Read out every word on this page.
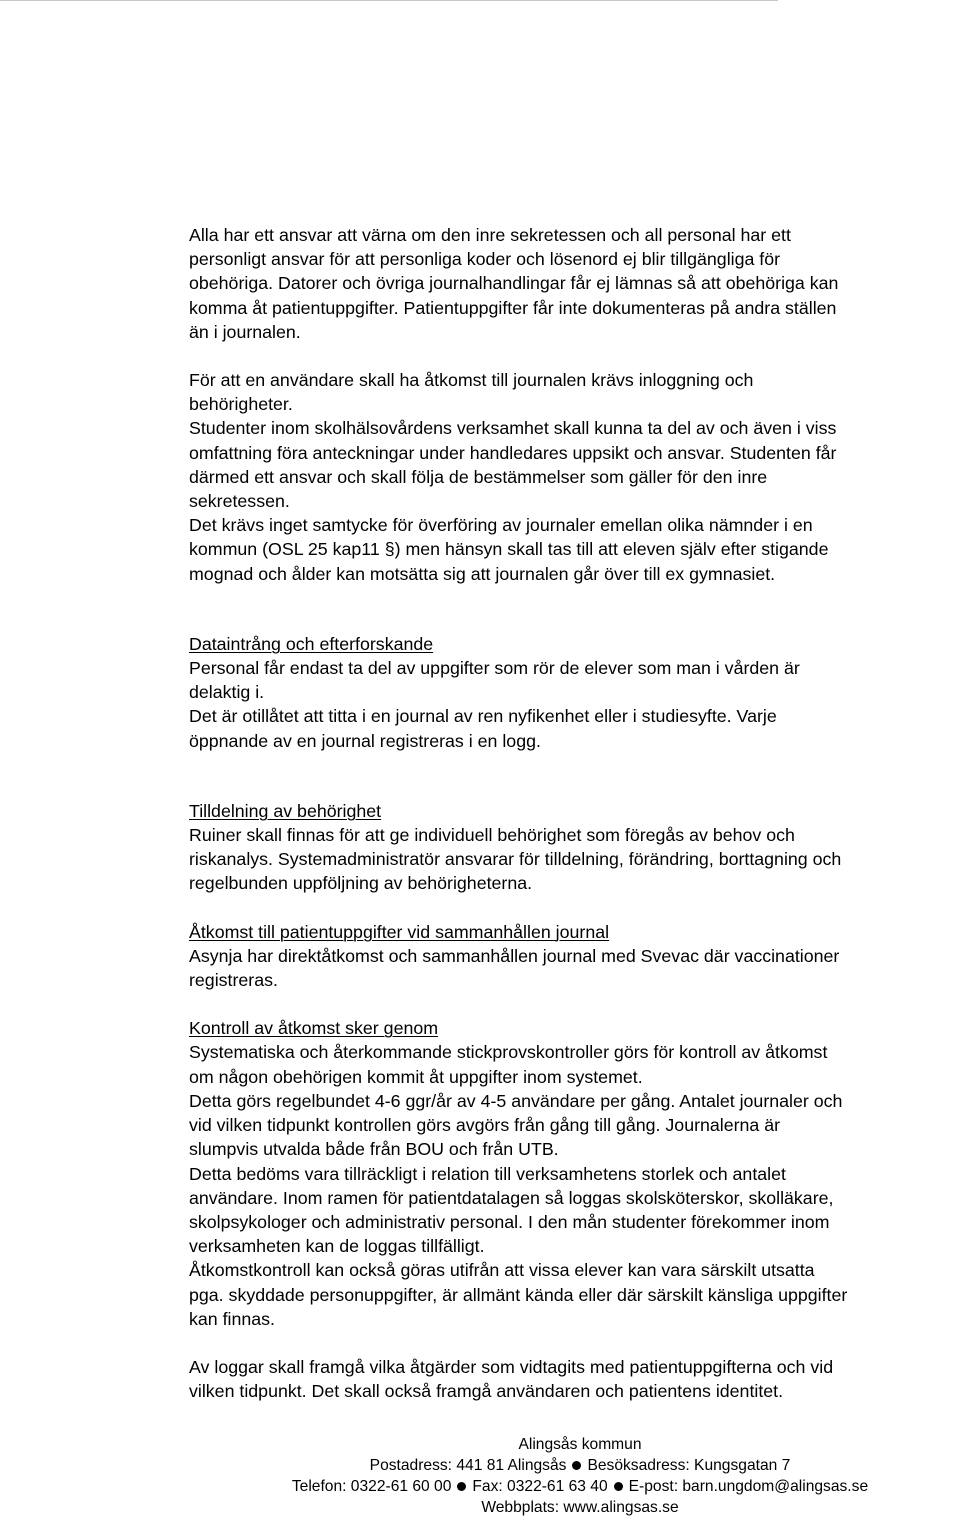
Alla har ett ansvar att värna om den inre sekretessen och all personal har ett
personligt ansvar för att personliga koder och lösenord ej blir tillgängliga för
obehöriga. Datorer och övriga journalhandlingar får ej lämnas så att obehöriga kan
komma åt patientuppgifter. Patientuppgifter får inte dokumenteras på andra ställen
än i journalen.

För att en användare skall ha åtkomst till journalen krävs inloggning och
behörigheter.

Studenter inom skolhälsovårdens verksamhet skall kunna ta del av och även i viss
omfattning föra anteckningar under handledares uppsikt och ansvar. Studenten får
därmed ett ansvar och skall följa de bestämmelser som gäller för den inre
sekretessen.

Det krävs inget samtycke för överföring av journaler emellan olika nämnder i en
kommun (OSL 25 kap11 §) men hänsyn skall tas till att eleven själv efter stigande
mognad och ålder kan motsätta sig att journalen går över till ex gymnasiet.

Dataintrång och efterforskande

Personal får endast ta del av uppgifter som rör de elever som man i vården är
delaktig i.

Det är otillåtet att titta i en journal av ren nyfikenhet eller i studiesyfte. Varje
öppnande av en journal registreras i en logg.

Tilldelning av behörighet

Ruiner skall finnas för att ge individuell behörighet som föregås av behov och
riskanalys. Systemadministratör ansvarar för tilldelning, förändring, borttagning och
regelbunden uppföljning av behörigheterna.

Åtkomst till patientuppgifter vid sammanhållen journal

Asynja har direktåtkomst och sammanhållen journal med Svevac där vaccinationer
registreras.

Kontroll av åtkomst sker genom

Systematiska och återkommande stickprovskontroller görs för kontroll av åtkomst
om någon obehörigen kommit åt uppgifter inom systemet.

Detta görs regelbundet 4-6 ggr/år av 4-5 användare per gång. Antalet journaler och
vid vilken tidpunkt kontrollen görs avgörs från gång till gång. Journalerna är
slumpvis utvalda både från BOU och från UTB.

Detta bedöms vara tillräckligt i relation till verksamhetens storlek och antalet
användare. Inom ramen för patientdatalagen så loggas skolsköterskor, skolläkare,
skolpsykologer och administrativ personal. I den mån studenter förekommer inom
verksamheten kan de loggas tillfälligt.

Åtkomstkontroll kan också göras utifrån att vissa elever kan vara särskilt utsatta
pga. skyddade personuppgifter, är allmänt kända eller där särskilt känsliga uppgifter
kan finnas.

Av loggar skall framgå vilka åtgärder som vidtagits med patientuppgifterna och vid
vilken tidpunkt. Det skall också framgå användaren och patientens identitet.

Alingsås kommun
Postadress: 441 81 Alingsås Besöksadress: Kungsgatan 7
Telefon: 0322-61 60 00 Fax: 0322-61 63 40 E-post: barn.ungdom@alingsas.se
Webbplats: www.alingsas.se
